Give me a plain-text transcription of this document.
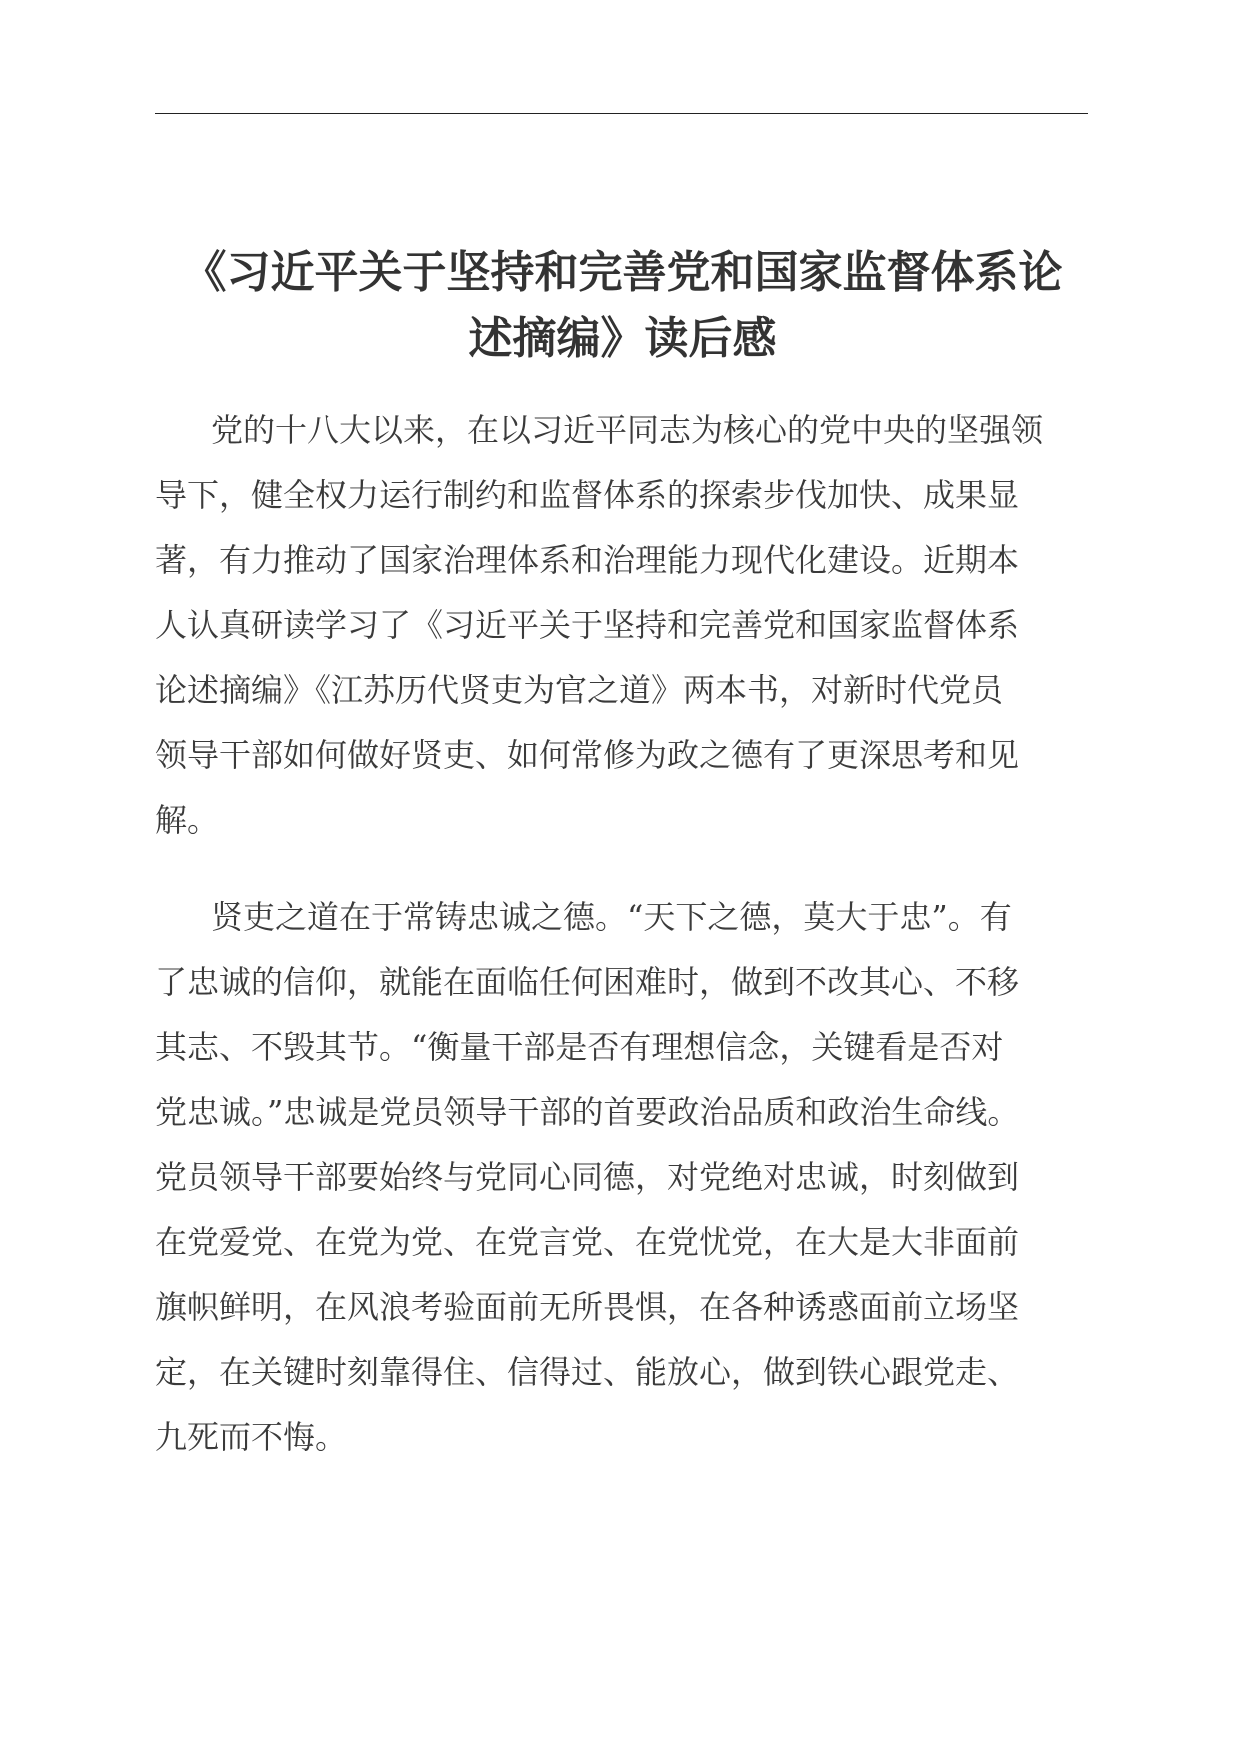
《习近平关于坚持和完善党和国家监督体系论
述摘编》读后感
党的十八大以来，在以习近平同志为核心的党中央的坚强领
导下，健全权力运行制约和监督体系的探索步伐加快、成果显
著，有力推动了国家治理体系和治理能力现代化建设。近期本
人认真研读学习了《习近平关于坚持和完善党和国家监督体系
论述摘编》《江苏历代贤吏为官之道》两本书，对新时代党员
领导干部如何做好贤吏、如何常修为政之德有了更深思考和见
解。
贤吏之道在于常铸忠诚之德。“天下之德，莫大于忠”。有
了忠诚的信仰，就能在面临任何困难时，做到不改其心、不移
其志、不毁其节。“衡量干部是否有理想信念，关键看是否对
党忠诚。”忠诚是党员领导干部的首要政治品质和政治生命线。
党员领导干部要始终与党同心同德，对党绝对忠诚，时刻做到
在党爱党、在党为党、在党言党、在党忧党，在大是大非面前
旗帜鲜明，在风浪考验面前无所畏惧，在各种诱惑面前立场坚
定，在关键时刻靠得住、信得过、能放心，做到铁心跟党走、
九死而不悔。
